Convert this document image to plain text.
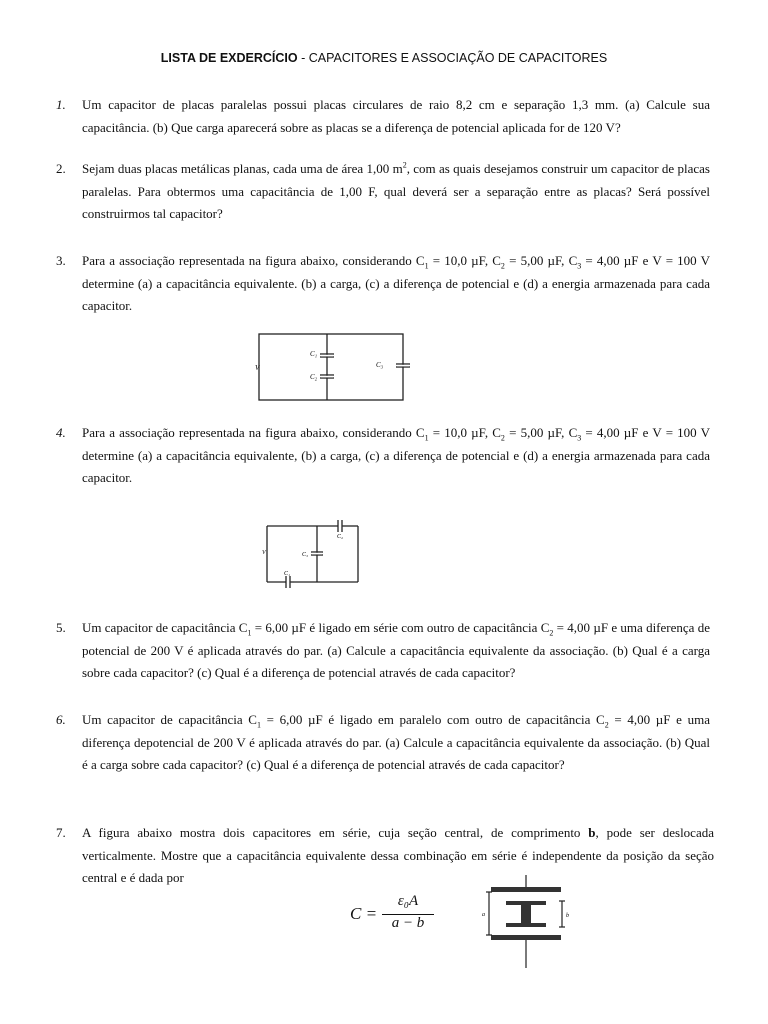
LISTA DE EXDERCÍCIO - CAPACITORES E ASSOCIAÇÃO DE CAPACITORES
1. Um capacitor de placas paralelas possui placas circulares de raio 8,2 cm e separação 1,3 mm. (a) Calcule sua capacitância. (b) Que carga aparecerá sobre as placas se a diferença de potencial aplicada for de 120 V?

2. Sejam duas placas metálicas planas, cada uma de área 1,00 $m^2$, com as quais desejamos construir um capacitor de placas paralelas. Para obtermos uma capacitância de 1,00 F, qual deverá ser a separação entre as placas? Será possível construirmos tal capacitor?

3. Para a associação representada na figura abaixo, considerando $C_1 = 10,0$ µF, $C_2 = 5,00$ µF, $C_3 = 4,00$ µF e V = 100 V determine (a) a capacitância equivalente. (b) a carga, (c) a diferença de potencial e (d) a energia armazenada para cada capacitor.

V
C₁
C₂
C₃
4. Para a associação representada na figura abaixo, considerando $C_1 = 10,0$ µF, $C_2 = 5,00$ µF, $C_3 = 4,00$ µF e V = 100 V determine (a) a capacitância equivalente, (b) a carga, (c) a diferença de potencial e (d) a energia armazenada para cada capacitor.

V	C₃
C₂
C₁
5. Um capacitor de capacitância $C_1 = 6,00$ µF é ligado em série com outro de capacitância $C_2 = 4,00$ µF e uma diferença de potencial de 200 V é aplicada através do par. (a) Calcule a capacitância equivalente da associação. (b) Qual é a carga sobre cada capacitor? (c) Qual é a diferença de potencial através de cada capacitor?

6. Um capacitor de capacitância $C_1 = 6,00$ µF é ligado em paralelo com outro de capacitância $C_2 = 4,00$ µF e uma diferença depotencial de 200 V é aplicada através do par. (a) Calcule a capacitância equivalente da associação. (b) Qual é a carga sobre cada capacitor? (c) Qual é a diferença de potencial através de cada capacitor?

7. A figura abaixo mostra dois capacitores em série, cuja seção central, de comprimento b, pode ser deslocada verticalmente. Mostre que a capacitância equivalente dessa combinação em série é independente da posição da seção central e é dada por

C =
ε₀A
a − b	a	b
